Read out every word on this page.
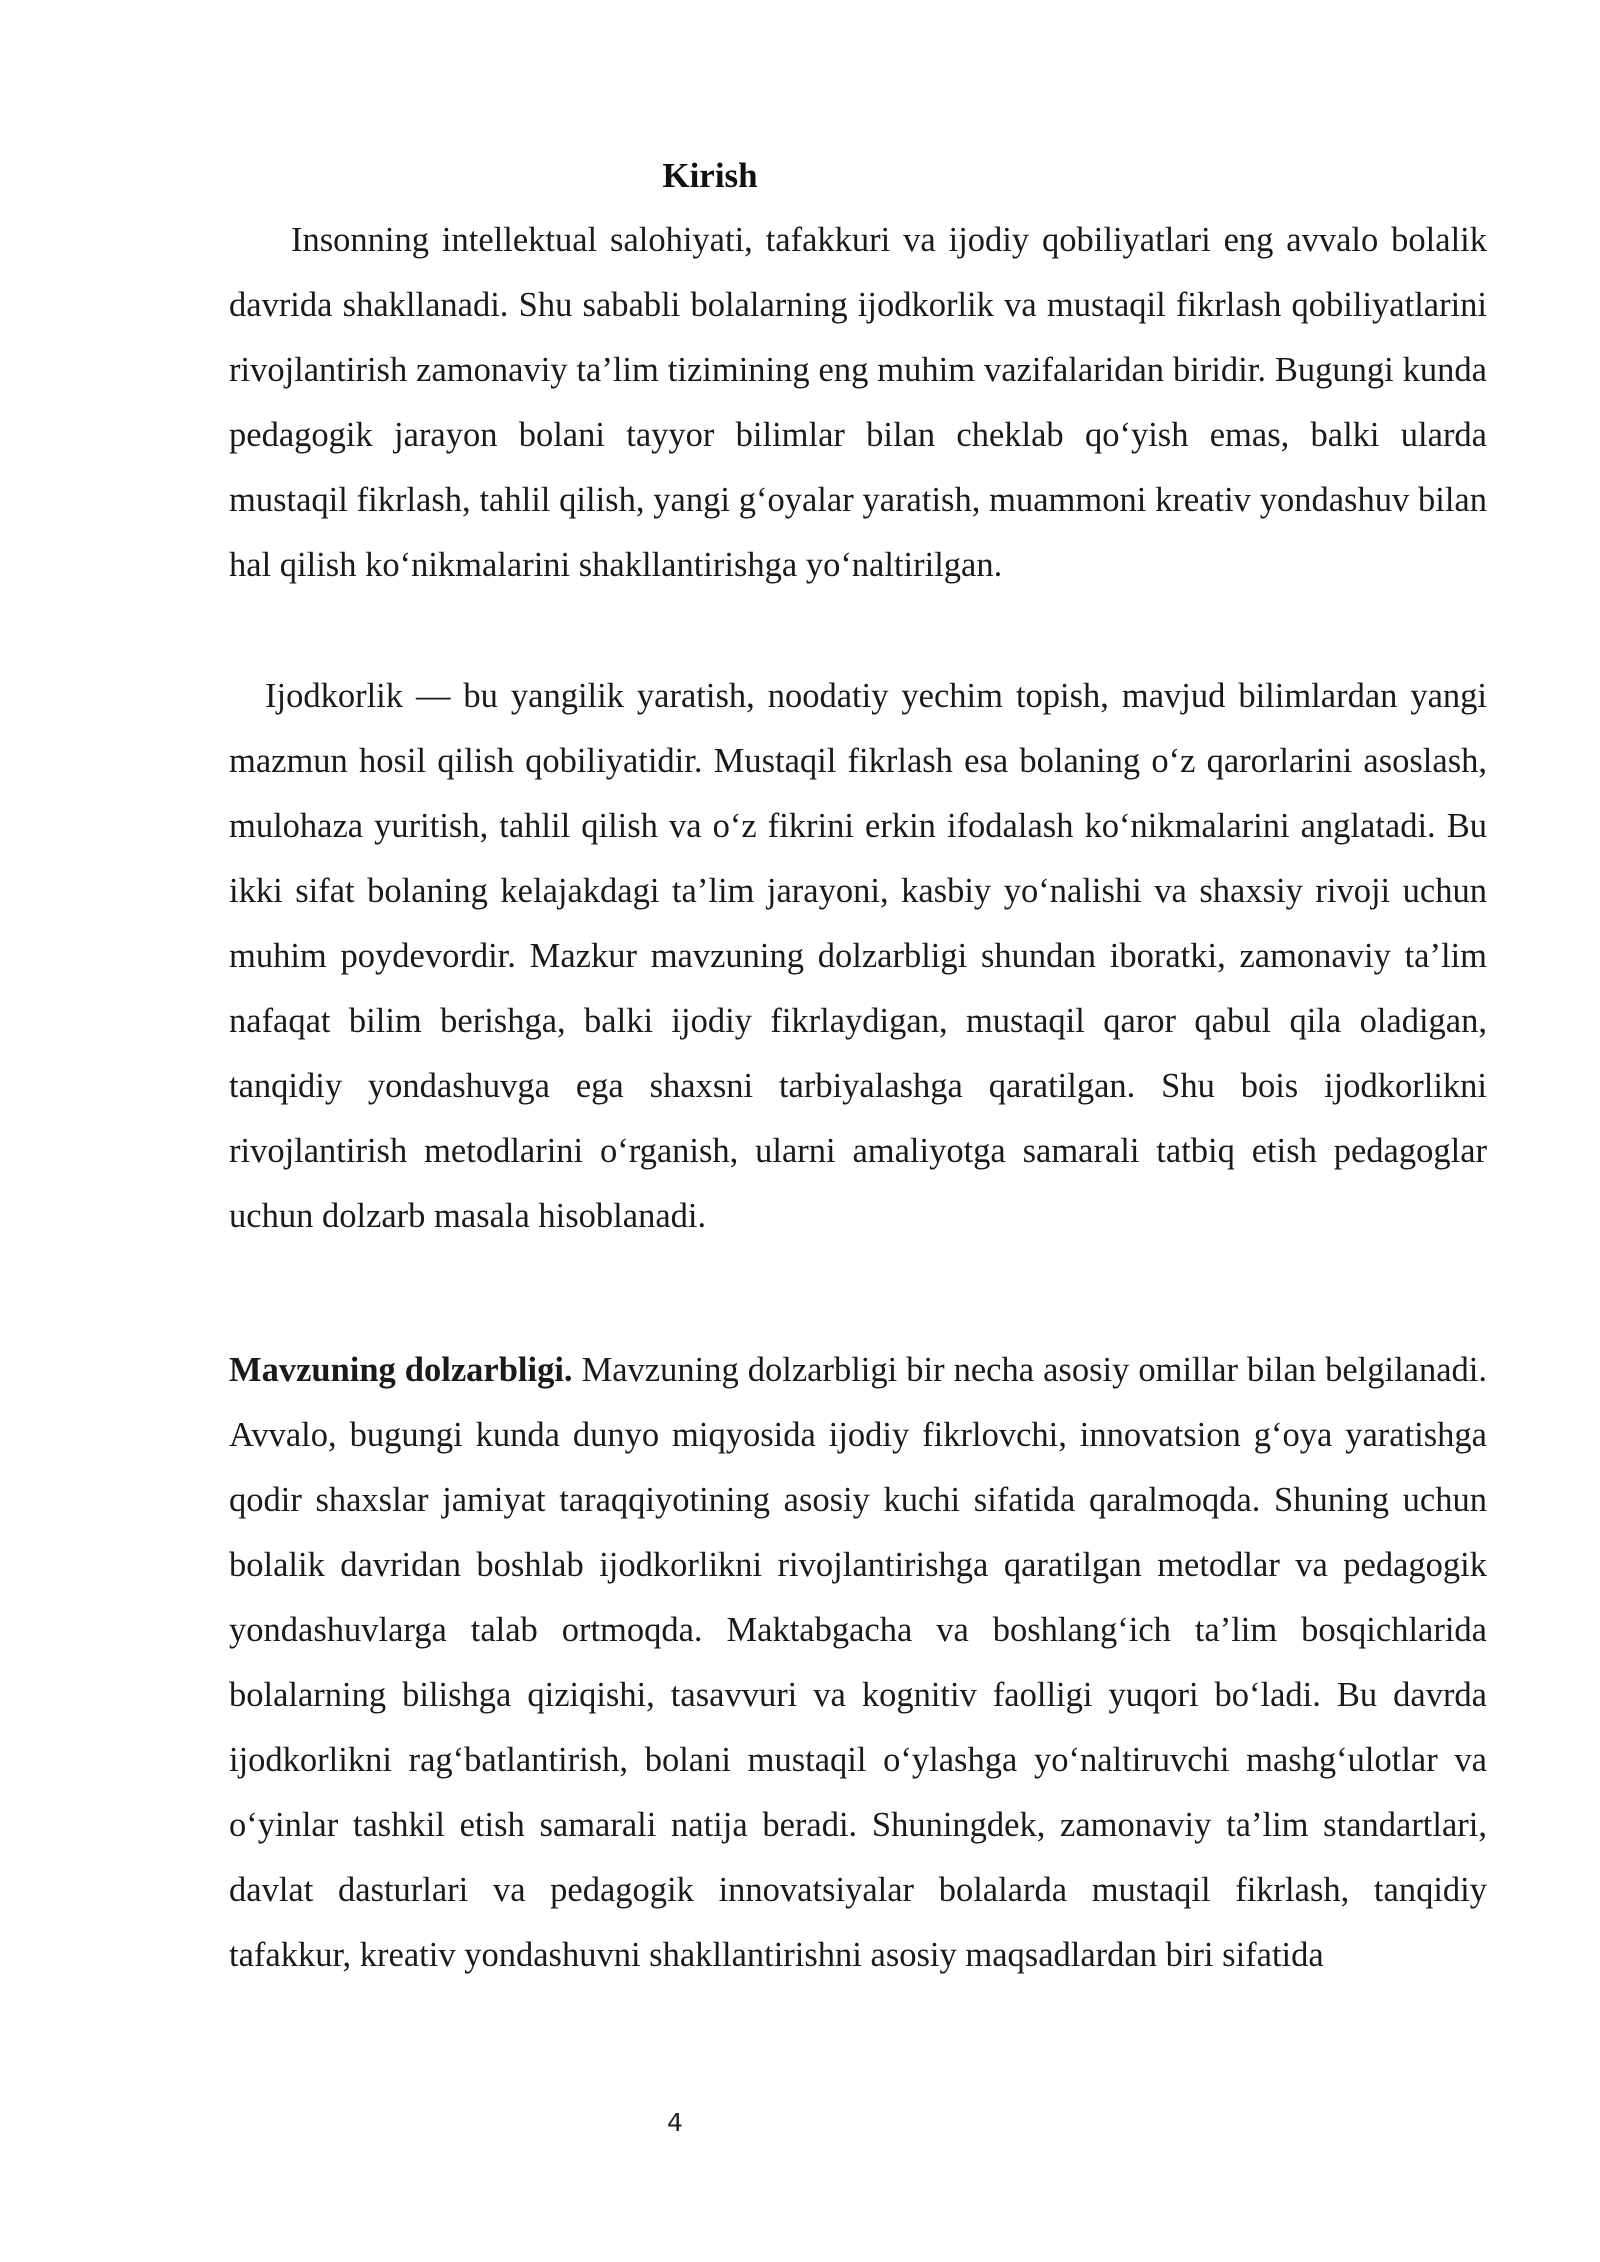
Kirish

Insonning intellektual salohiyati, tafakkuri va ijodiy qobiliyatlari eng avvalo bolalik davrida shakllanadi. Shu sababli bolalarning ijodkorlik va mustaqil fikrlash qobiliyatlarini rivojlantirish zamonaviy ta’lim tizimining eng muhim vazifalaridan biridir. Bugungi kunda pedagogik jarayon bolani tayyor bilimlar bilan cheklab qo‘yish emas, balki ularda mustaqil fikrlash, tahlil qilish, yangi g‘oyalar yaratish, muammoni kreativ yondashuv bilan hal qilish ko‘nikmalarini shakllantirishga yo‘naltirilgan.

Ijodkorlik — bu yangilik yaratish, noodatiy yechim topish, mavjud bilimlardan yangi mazmun hosil qilish qobiliyatidir. Mustaqil fikrlash esa bolaning o‘z qarorlarini asoslash, mulohaza yuritish, tahlil qilish va o‘z fikrini erkin ifodalash ko‘nikmalarini anglatadi. Bu ikki sifat bolaning kelajakdagi ta’lim jarayoni, kasbiy yo‘nalishi va shaxsiy rivoji uchun muhim poydevordir. Mazkur mavzuning dolzarbligi shundan iboratki, zamonaviy ta’lim nafaqat bilim berishga, balki ijodiy fikrlaydigan, mustaqil qaror qabul qila oladigan, tanqidiy yondashuvga ega shaxsni tarbiyalashga qaratilgan. Shu bois ijodkorlikni rivojlantirish metodlarini o‘rganish, ularni amaliyotga samarali tatbiq etish pedagoglar uchun dolzarb masala hisoblanadi.

Mavzuning dolzarbligi. Mavzuning dolzarbligi bir necha asosiy omillar bilan belgilanadi. Avvalo, bugungi kunda dunyo miqyosida ijodiy fikrlovchi, innovatsion g‘oya yaratishga qodir shaxslar jamiyat taraqqiyotining asosiy kuchi sifatida qaralmoqda. Shuning uchun bolalik davridan boshlab ijodkorlikni rivojlantirishga qaratilgan metodlar va pedagogik yondashuvlarga talab ortmoqda. Maktabgacha va boshlang‘ich ta’lim bosqichlarida bolalarning bilishga qiziqishi, tasavvuri va kognitiv faolligi yuqori bo‘ladi. Bu davrda ijodkorlikni rag‘batlantirish, bolani mustaqil o‘ylashga yo‘naltiruvchi mashg‘ulotlar va o‘yinlar tashkil etish samarali natija beradi. Shuningdek, zamonaviy ta’lim standartlari, davlat dasturlari va pedagogik innovatsiyalar bolalarda mustaqil fikrlash, tanqidiy tafakkur, kreativ yondashuvni shakllantirishni asosiy maqsadlardan biri sifatida

4
